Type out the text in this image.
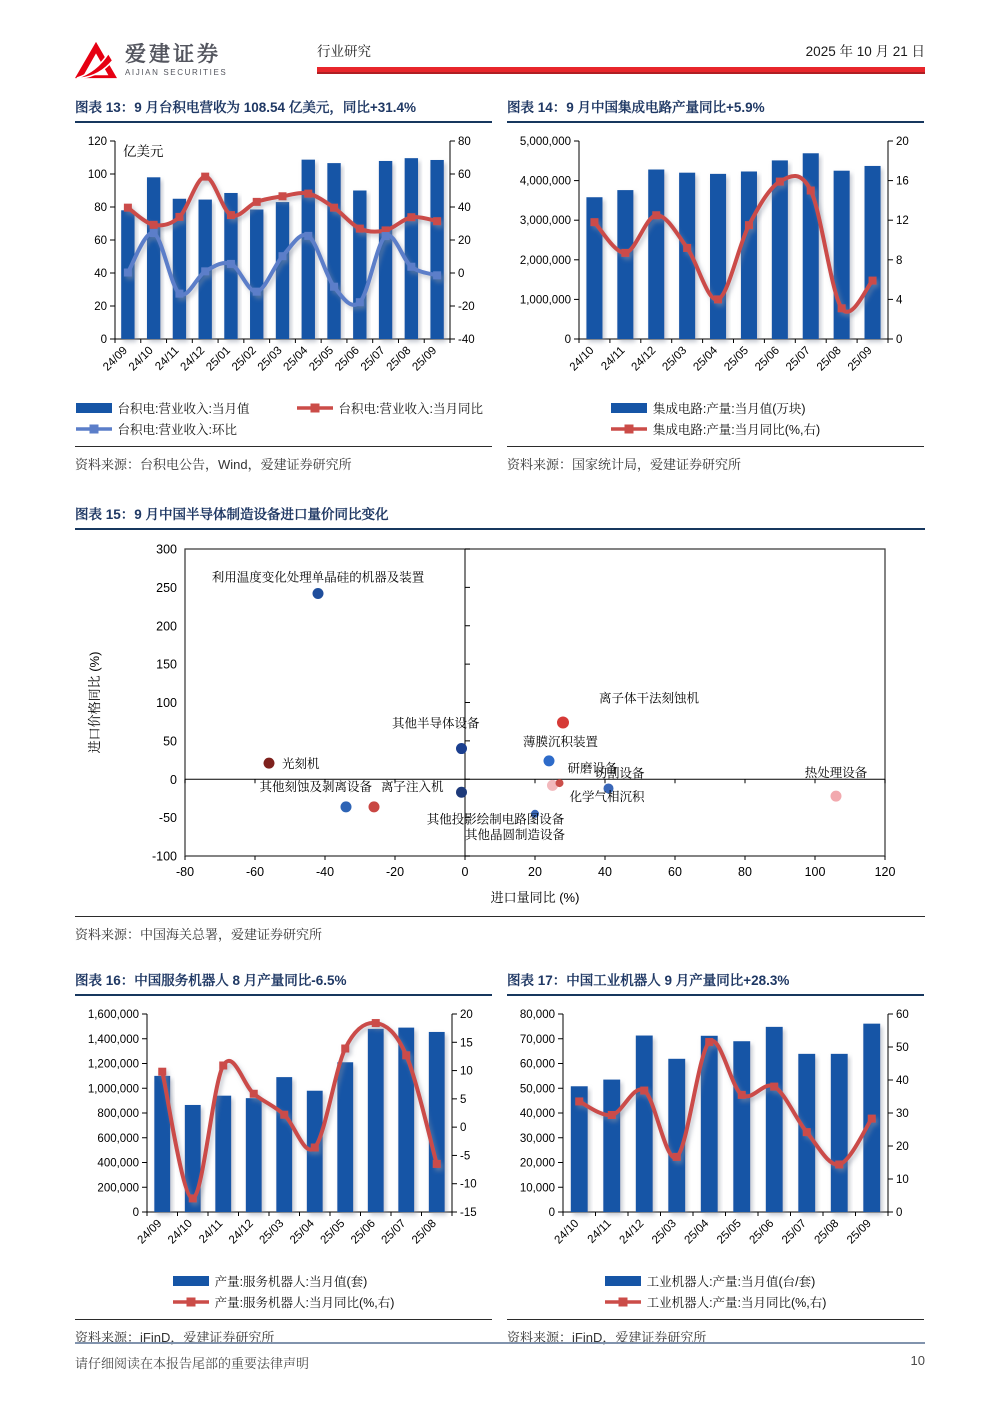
爱建证券
AIJIAN SECURITIES
行业研究	2025 年 10 月 21 日
图表 13：9 月台积电营收为 108.54 亿美元，同比+31.4%
0
20
40
60
80
100
120
-40
-20
0
20
40
60
80
24/09
24/10
24/11
24/12
25/01
25/02
25/03
25/04
25/05
25/06
25/07
25/08
25/09
亿美元
台积电:营业收入:当月值	台积电:营业收入:当月同比
台积电:营业收入:环比
资料来源：台积电公告，Wind，爱建证券研究所
图表 14：9 月中国集成电路产量同比+5.9%
0
1,000,000
2,000,000
3,000,000
4,000,000
5,000,000
0
4
8
12
16
20
24/10 24/11 24/12 25/03 25/04 25/05 25/06 25/07 25/08 25/09
集成电路:产量:当月值(万块)
集成电路:产量:当月同比(%,右)
资料来源：国家统计局，爱建证券研究所
图表 15：9 月中国半导体制造设备进口量价同比变化
-80	-60	-40	-20	0	20	40	60	80	100	120
-100
-50
0
50
100
150
200
250
300
利用温度变化处理单晶硅的机器及装置
光刻机
其他刻蚀及剥离设备 离子注入机
其他半导体设备
薄膜沉积装置
离子体干法刻蚀机
研磨设备
化学气相沉积
切割设备
其他投影绘制电路图设备
其他晶圆制造设备
热处理设备
进口量同比 (%)
进口价格同比 (%)
资料来源：中国海关总署，爱建证券研究所
图表 16：中国服务机器人 8 月产量同比-6.5%
0
200,000
400,000
600,000
800,000
1,000,000
1,200,000
1,400,000
1,600,000
-15
-10
-5
0
5
10
15
20
24/09 24/10 24/11 24/12 25/03 25/04 25/05 25/06 25/07 25/08
产量:服务机器人:当月值(套)
产量:服务机器人:当月同比(%,右)
资料来源：iFinD，爱建证券研究所
图表 17：中国工业机器人 9 月产量同比+28.3%
0
10,000
20,000
30,000
40,000
50,000
60,000
70,000
80,000
0
10
20
30
40
50
60
24/10 24/11 24/12 25/03 25/04 25/05 25/06 25/07 25/08 25/09
工业机器人:产量:当月值(台/套)
工业机器人:产量:当月同比(%,右)
资料来源：iFinD，爱建证券研究所
请仔细阅读在本报告尾部的重要法律声明	10
